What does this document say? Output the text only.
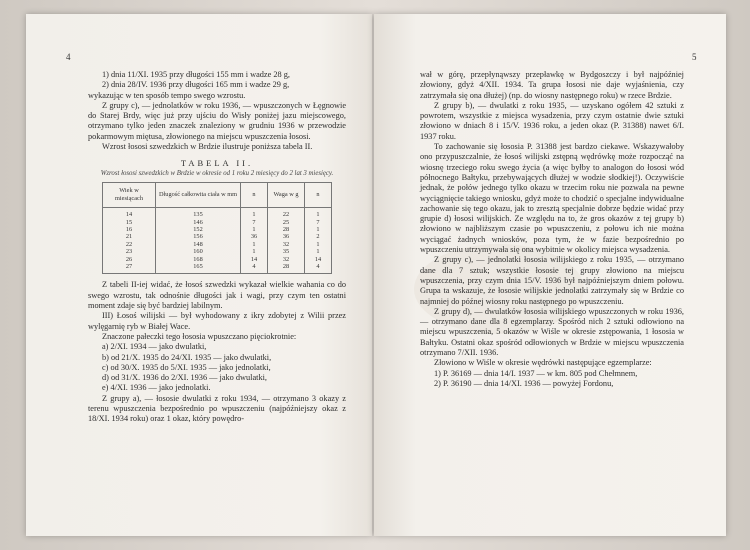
4

1) dnia 11/XI. 1935 przy długości 155 mm i wadze 28 g,

2) dnia 28/IV. 1936 przy długości 165 mm i wadze 29 g,

wykazując w ten sposób tempo swego wzrostu.

Z grupy c), — jednolatków w roku 1936, — wpuszczonych w Łęgnowie do Starej Brdy, więc już przy ujściu do Wisły poniżej jazu miejscowego, otrzymano tylko jeden znaczek znaleziony w grudniu 1936 w przewodzie pokarmowym miętusa, złowionego na miejscu wpuszczenia łososi.

Wzrost łososi szwedzkich w Brdzie ilustruje poniższa tabela II.

TABELA II.

Wzrost łososi szwedzkich w Brdzie w okresie od 1 roku 2 miesięcy do 2 lat 3 miesięcy.

Wiek w miesiącach	Długość całkowita ciała w mm	n	Waga w g	n
14	135	1	22	1
15	146	7	25	7
16	152	1	28	1
21	156	36	36	2
22	148	1	32	1
23	160	1	35	1
26	168	14	32	14
27	165	4	28	4

Z tabeli II-iej widać, że łosoś szwedzki wykazał wielkie wahania co do swego wzrostu, tak odnośnie długości jak i wagi, przy czym ten ostatni moment zdaje się być bardziej labilnym.

III) Łosoś wilijski — był wyhodowany z ikry zdobytej z Wilii przez wylęgarnię ryb w Białej Wace.

Znaczone pałeczki tego łososia wpuszczano pięciokrotnie:

a) 2/XI. 1934 — jako dwulatki,

b) od 21/X. 1935 do 24/XI. 1935 — jako dwulatki,

c) od 30/X. 1935 do 5/XI. 1935 — jako jednolatki,

d) od 31/X. 1936 do 2/XI. 1936 — jako dwulatki,

e) 4/XI. 1936 — jako jednolatki.

Z grupy a), — łososie dwulatki z roku 1934, — otrzymano 3 okazy z terenu wpuszczenia bezpośrednio po wpuszczeniu (najpóźniejszy okaz z 18/XI. 1934 roku) oraz 1 okaz, który powędro-

5

wał w górę, przepłynąwszy przepławkę w Bydgoszczy i był najpóźniej złowiony, gdyż 4/XII. 1934. Ta grupa łososi nie daje wyjaśnienia, czy zatrzymała się ona dłużej) (np. do wiosny następnego roku) w rzece Brdzie.

Z grupy b), — dwulatki z roku 1935, — uzyskano ogółem 42 sztuki z powrotem, wszystkie z miejsca wysadzenia, przy czym ostatnie dwie sztuki złowiono w dniach 8 i 15/V. 1936 roku, a jeden okaz (P. 31388) nawet 6/I. 1937 roku.

To zachowanie się łososia P. 31388 jest bardzo ciekawe. Wskazywałoby ono przypuszczalnie, że łosoś wilijski zstępną wędrówkę może rozpocząć na wiosnę trzeciego roku swego życia (a więc byłby to analogon do łososi wód północnego Bałtyku, przebywających dłużej w wodzie słodkiej!). Oczywiście jednak, że połów jednego tylko okazu w trzecim roku nie pozwala na pewne wyciągnięcie takiego wniosku, gdyż może to chodzić o specjalne indywidualne zachowanie się tego okazu, jak to zresztą specjalnie dobrze będzie widać przy grupie d) łososi wilijskich. Ze względu na to, że gros okazów z tej grupy b) złowiono w najbliższym czasie po wpuszczeniu, z połowu ich nie można wyciągać żadnych wniosków, poza tym, że w fazie bezpośrednio po wpuszczeniu utrzymywała się ona wybitnie w okolicy miejsca wysadzenia.

Z grupy c), — jednolatki łososia wilijskiego z roku 1935, — otrzymano dane dla 7 sztuk; wszystkie łososie tej grupy złowiono na miejscu wpuszczenia, przy czym dnia 15/V. 1936 był najpóźniejszym dniem połowu. Grupa ta wskazuje, że łososie wilijskie jednolatki zatrzymały się w Brdzie co najmniej do późnej wiosny roku następnego po wpuszczeniu.

Z grupy d), — dwulatków łososia wilijskiego wpuszczonych w roku 1936, — otrzymano dane dla 8 egzemplarzy. Spośród nich 2 sztuki odłowiono na miejscu wpuszczenia, 5 okazów w Wiśle w okresie zstępowania, 1 łososia w Bałtyku. Ostatni okaz spośród odłowionych w Brdzie w miejscu wpuszczenia otrzymano 7/XII. 1936.

Złowiono w Wiśle w okresie wędrówki następujące egzemplarze:

1) P. 36169 — dnia 14/I. 1937 — w km. 805 pod Chełmnem,

2) P. 36190 — dnia 14/XI. 1936 — powyżej Fordonu,
